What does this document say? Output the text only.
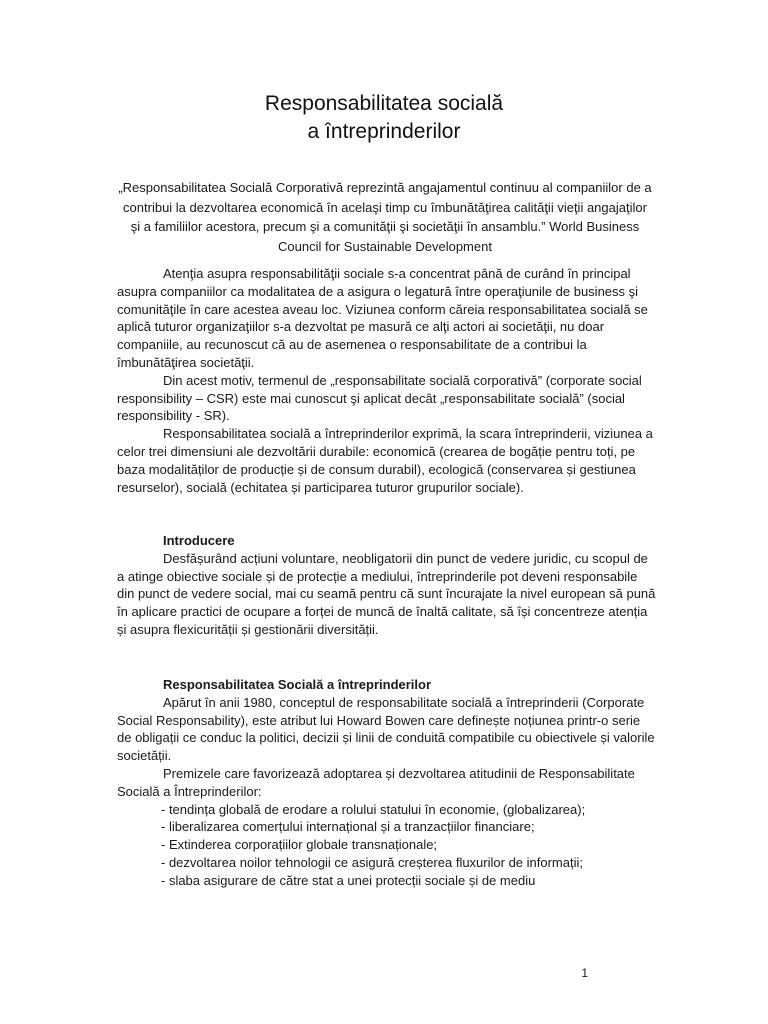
Responsabilitatea socială
a întreprinderilor
„Responsabilitatea Socială Corporativă reprezintă angajamentul continuu al companiilor de a contribui la dezvoltarea economică în acelaşi timp cu îmbunătăţirea calităţii vieţii angajaţilor şi a familiilor acestora, precum şi a comunităţii şi societăţii în ansamblu.” World Business Council for Sustainable Development

Atenţia asupra responsabilităţii sociale s-a concentrat până de curând în principal asupra companiilor ca modalitatea de a asigura o legatură între operaţiunile de business şi comunităţile în care acestea aveau loc. Viziunea conform căreia responsabilitatea socială se aplică tuturor organizaţiilor s-a dezvoltat pe masură ce alţi actori ai societăţii, nu doar companiile, au recunoscut că au de asemenea o responsabilitate de a contribui la îmbunătăţirea societăţii.

Din acest motiv, termenul de „responsabilitate socială corporativă” (corporate social responsibility – CSR) este mai cunoscut şi aplicat decât „responsabilitate socială” (social responsibility - SR).

Responsabilitatea socială a întreprinderilor exprimă, la scara întreprinderii, viziunea a celor trei dimensiuni ale dezvoltării durabile: economică (crearea de bogăție pentru toți, pe baza modalităților de producție și de consum durabil), ecologică (conservarea și gestiunea resurselor), socială (echitatea și participarea tuturor grupurilor sociale).

Introducere

Desfășurând acțiuni voluntare, neobligatorii din punct de vedere juridic, cu scopul de a atinge obiective sociale și de protecție a mediului, întreprinderile pot deveni responsabile din punct de vedere social, mai cu seamă pentru că sunt încurajate la nivel european să pună în aplicare practici de ocupare a forței de muncă de înaltă calitate, să își concentreze atenția și asupra flexicurității și gestionării diversității.

Responsabilitatea Socială a întreprinderilor

Apărut în anii 1980, conceptul de responsabilitate socială a întreprinderii (Corporate Social Responsability), este atribut lui Howard Bowen care definește noțiunea printr-o serie de obligații ce conduc la politici, decizii și linii de conduită compatibile cu obiectivele și valorile societății.

Premizele care favorizează adoptarea și dezvoltarea atitudinii de Responsabilitate Socială a Întreprinderilor:

- tendința globală de erodare a rolului statului în economie, (globalizarea);

- liberalizarea comerțului internațional și a tranzacțiilor financiare;

- Extinderea corporațiilor globale transnaționale;

- dezvoltarea noilor tehnologii ce asigură creșterea fluxurilor de informații;

- slaba asigurare de către stat a unei protecții sociale și de mediu

1
